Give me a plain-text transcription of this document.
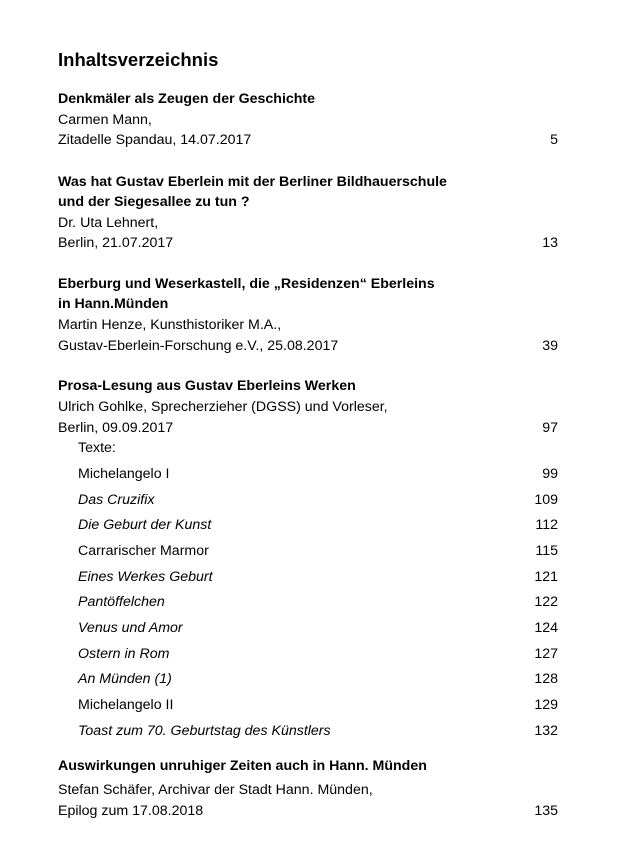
Inhaltsverzeichnis
Denkmäler als Zeugen der Geschichte
Carmen Mann,
Zitadelle Spandau, 14.07.2017	5
Was hat Gustav Eberlein mit der Berliner Bildhauerschule
und der Siegesallee zu tun ?
Dr. Uta Lehnert,
Berlin, 21.07.2017	13
Eberburg und Weserkastell, die „Residenzen“ Eberleins
in Hann.Münden
Martin Henze, Kunsthistoriker M.A.,
Gustav-Eberlein-Forschung e.V., 25.08.2017	39
Prosa-Lesung aus Gustav Eberleins Werken
Ulrich Gohlke, Sprecherzieher (DGSS) und Vorleser,
Berlin, 09.09.2017	97
Texte:
Michelangelo I	99
Das Cruzifix	109
Die Geburt der Kunst	112
Carrarischer Marmor	115
Eines Werkes Geburt	121
Pantöffelchen	122
Venus und Amor	124
Ostern in Rom	127
An Münden (1)	128
Michelangelo II	129
Toast zum 70. Geburtstag des Künstlers	132
Auswirkungen unruhiger Zeiten auch in Hann. Münden
Stefan Schäfer, Archivar der Stadt Hann. Münden,
Epilog zum 17.08.2018	135
